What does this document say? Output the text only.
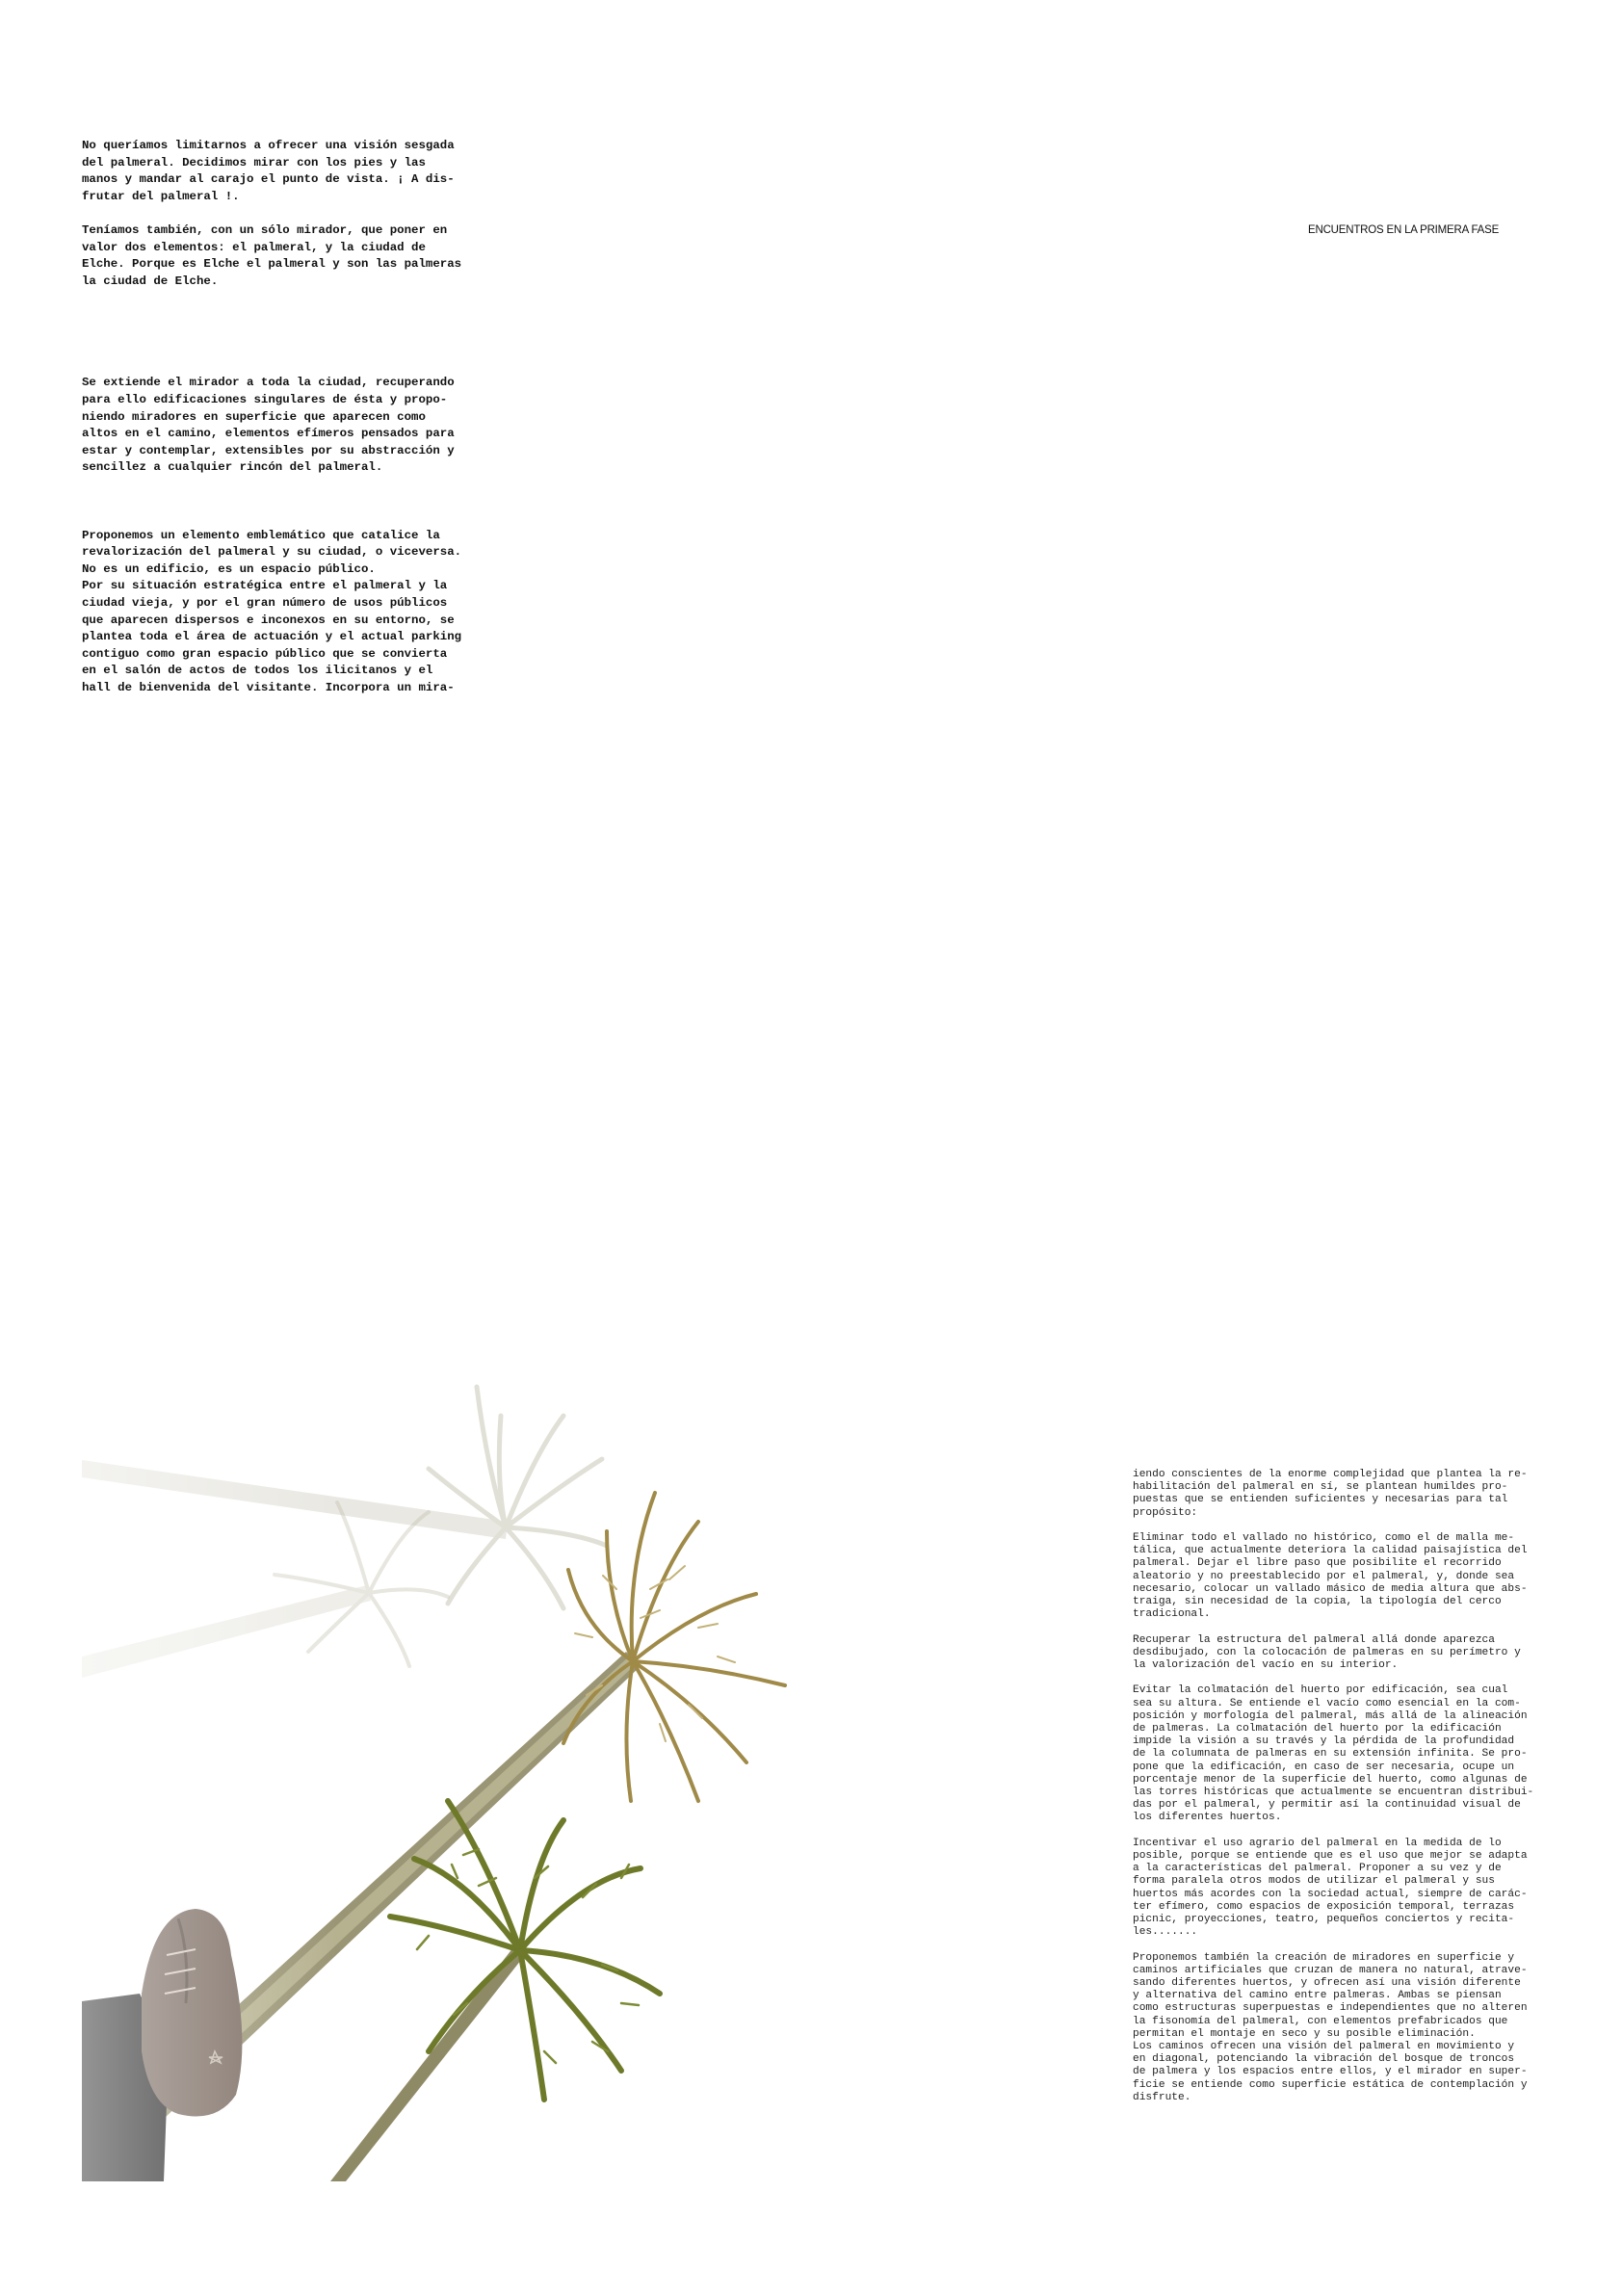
No queríamos limitarnos a ofrecer una visión sesgada
del palmeral. Decidimos mirar con los pies y las
manos y mandar al carajo el punto de vista. ¡ A dis-
frutar del palmeral !.

Teníamos también, con un sólo mirador, que poner en
valor dos elementos: el palmeral, y la ciudad de
Elche. Porque es Elche el palmeral y son las palmeras
la ciudad de Elche.

Se extiende el mirador a toda la ciudad, recuperando
para ello edificaciones singulares de ésta y propo-
niendo miradores en superficie que aparecen como
altos en el camino, elementos efímeros pensados para
estar y contemplar, extensibles por su abstracción y
sencillez a cualquier rincón del palmeral.

Proponemos un elemento emblemático que catalice la
revalorización del palmeral y su ciudad, o viceversa.
No es un edificio, es un espacio público.
Por su situación estratégica entre el palmeral y la
ciudad vieja, y por el gran número de usos públicos
que aparecen dispersos e inconexos en su entorno, se
plantea toda el área de actuación y el actual parking
contiguo como gran espacio público que se convierta
en el salón de actos de todos los ilicitanos y el
hall de bienvenida del visitante. Incorpora un mira-

ENCUENTROS EN LA PRIMERA FASE

iendo conscientes de la enorme complejidad que plantea la re-
habilitación del palmeral en sí, se plantean humildes pro-
puestas que se entienden suficientes y necesarias para tal
propósito:

Eliminar todo el vallado no histórico, como el de malla me-
tálica, que actualmente deteriora la calidad paisajística del
palmeral. Dejar el libre paso que posibilite el recorrido
aleatorio y no preestablecido por el palmeral, y, donde sea
necesario, colocar un vallado másico de media altura que abs-
traiga, sin necesidad de la copia, la tipología del cerco
tradicional.

Recuperar la estructura del palmeral allá donde aparezca
desdibujado, con la colocación de palmeras en su perímetro y
la valorización del vacío en su interior.

Evitar la colmatación del huerto por edificación, sea cual
sea su altura. Se entiende el vacío como esencial en la com-
posición y morfología del palmeral, más allá de la alineación
de palmeras. La colmatación del huerto por la edificación
impide la visión a su través y la pérdida de la profundidad
de la columnata de palmeras en su extensión infinita. Se pro-
pone que la edificación, en caso de ser necesaria, ocupe un
porcentaje menor de la superficie del huerto, como algunas de
las torres históricas que actualmente se encuentran distribui-
das por el palmeral, y permitir así la continuidad visual de
los diferentes huertos.

Incentivar el uso agrario del palmeral en la medida de lo
posible, porque se entiende que es el uso que mejor se adapta
a la características del palmeral. Proponer a su vez y de
forma paralela otros modos de utilizar el palmeral y sus
huertos más acordes con la sociedad actual, siempre de carác-
ter efímero, como espacios de exposición temporal, terrazas
picnic, proyecciones, teatro, pequeños conciertos y recita-
les.......

Proponemos también la creación de miradores en superficie y
caminos artificiales que cruzan de manera no natural, atrave-
sando diferentes huertos, y ofrecen así una visión diferente
y alternativa del camino entre palmeras. Ambas se piensan
como estructuras superpuestas e independientes que no alteren
la fisonomía del palmeral, con elementos prefabricados que
permitan el montaje en seco y su posible eliminación.
Los caminos ofrecen una visión del palmeral en movimiento y
en diagonal, potenciando la vibración del bosque de troncos
de palmera y los espacios entre ellos, y el mirador en super-
ficie se entiende como superficie estática de contemplación y
disfrute.
